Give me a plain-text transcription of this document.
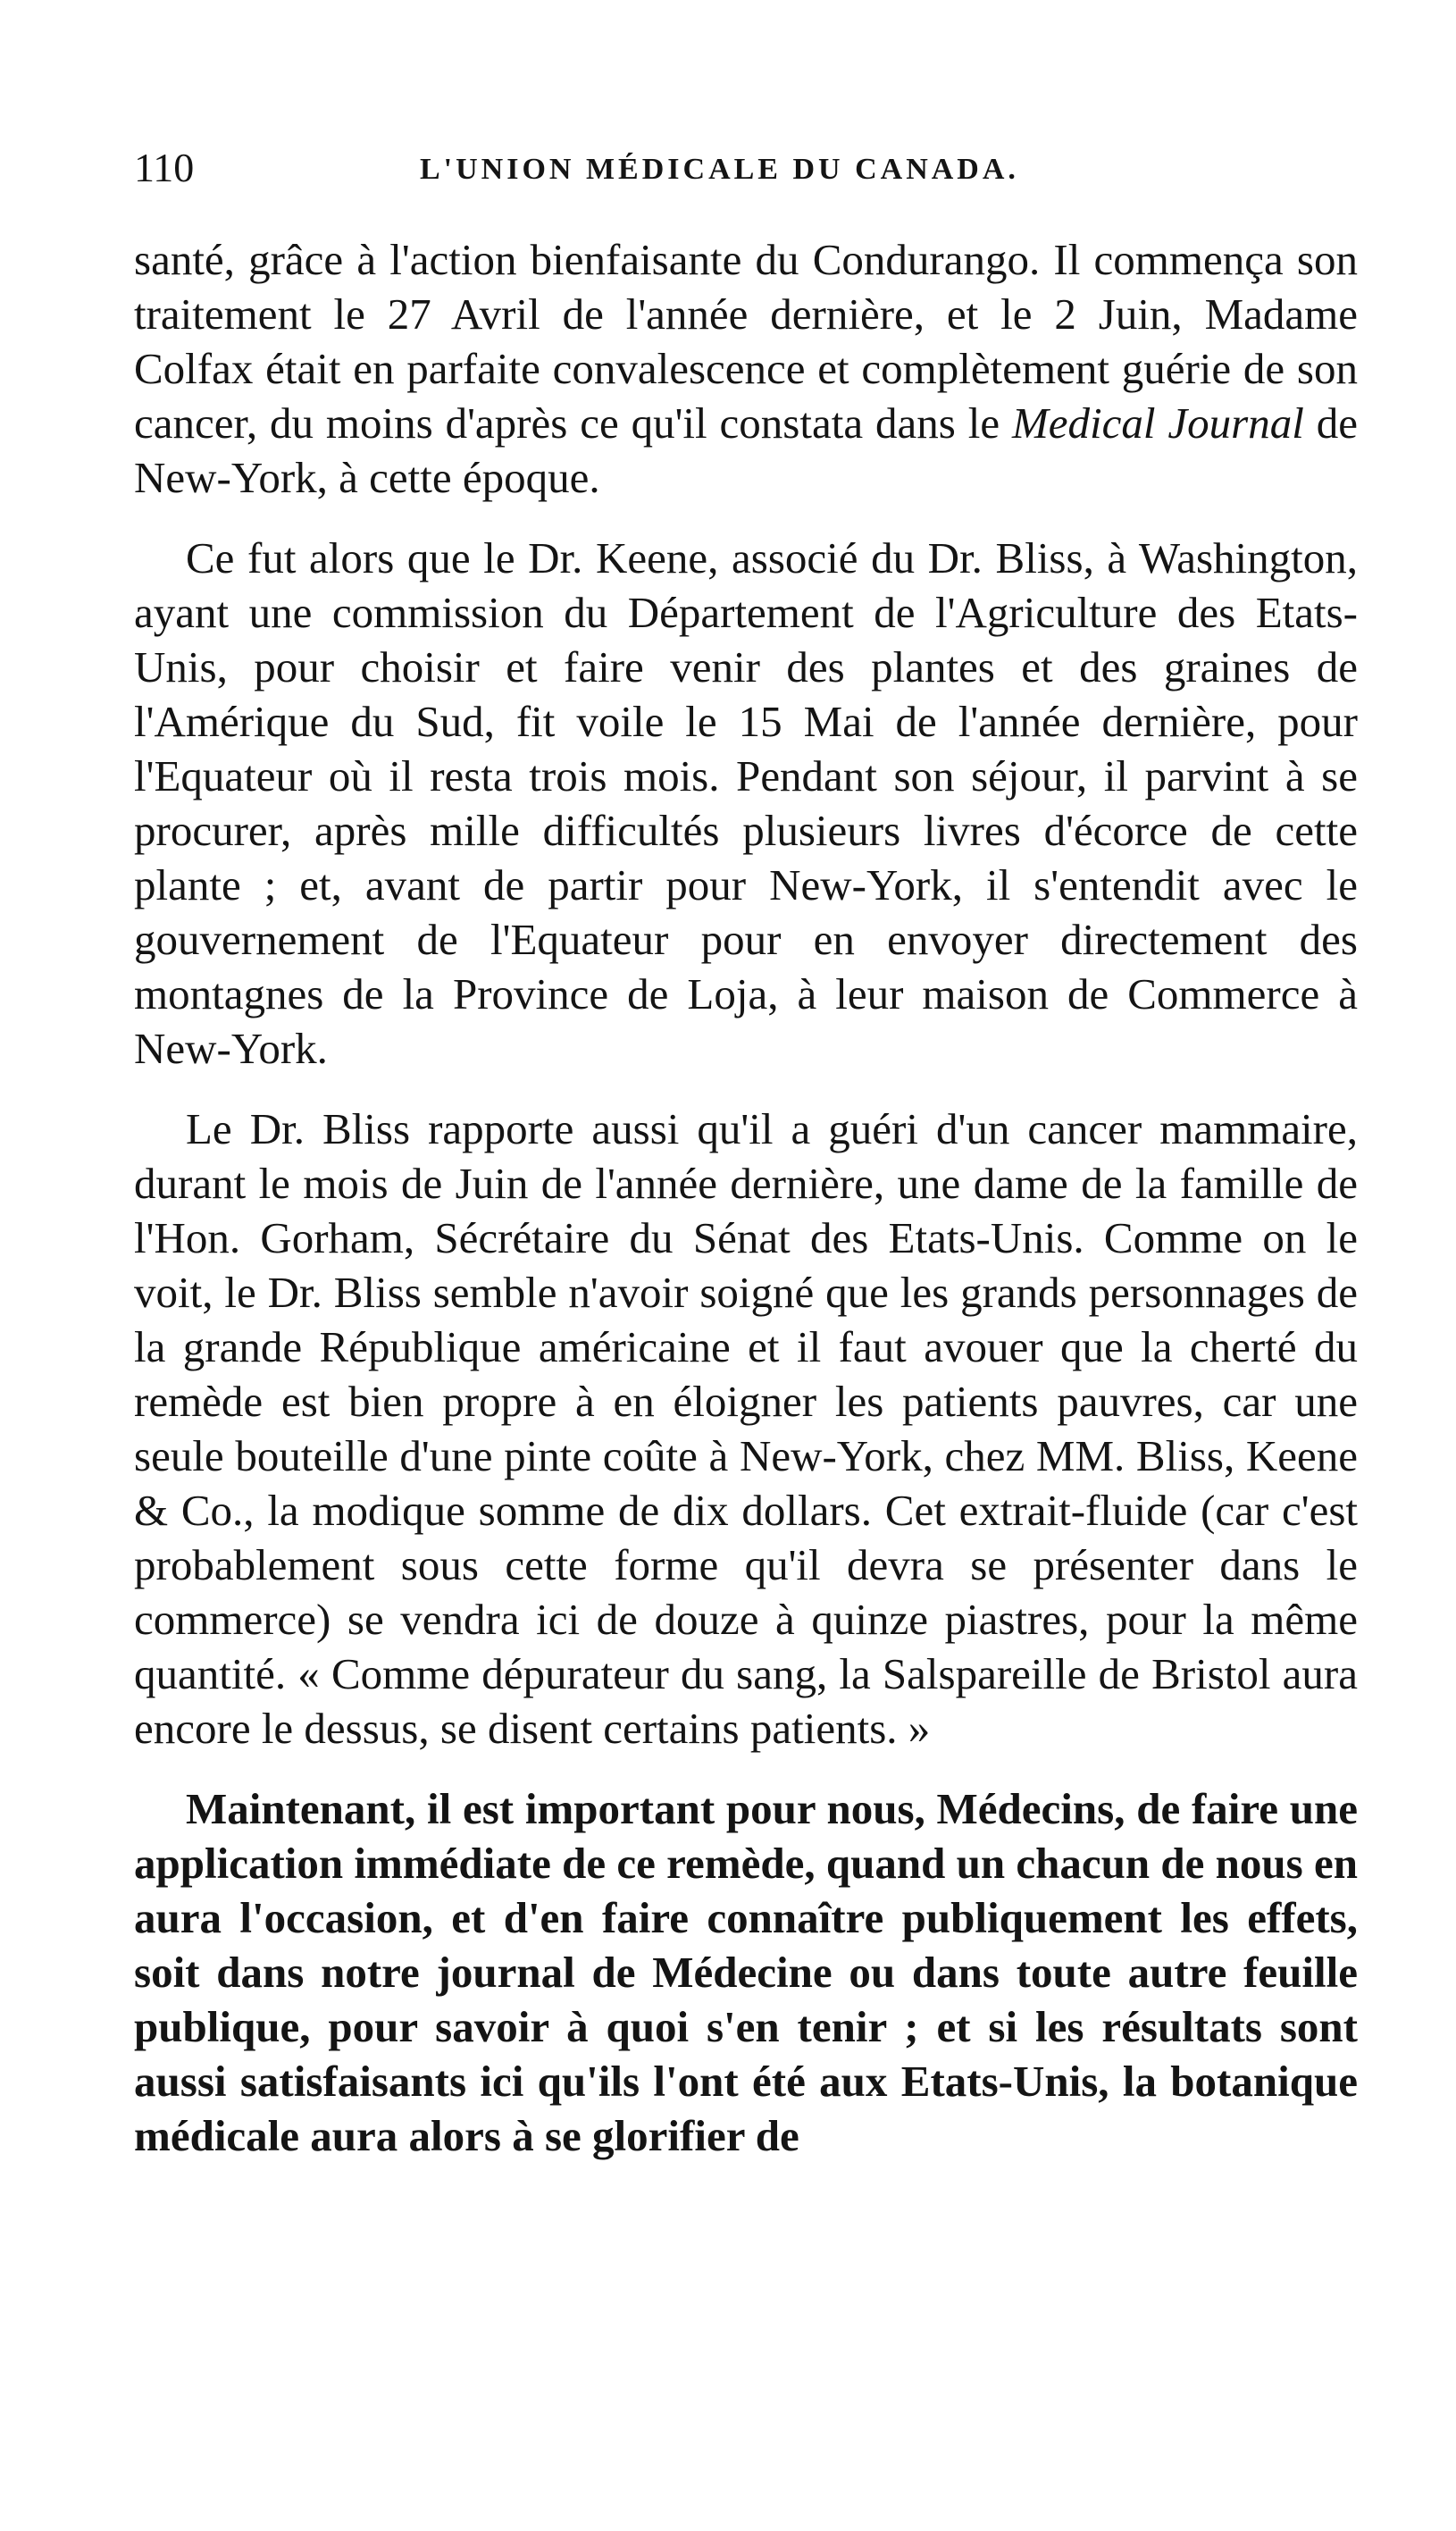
110	L'UNION MÉDICALE DU CANADA.

santé, grâce à l'action bienfaisante du Condurango. Il commença son traitement le 27 Avril de l'année dernière, et le 2 Juin, Madame Colfax était en parfaite convalescence et complètement guérie de son cancer, du moins d'après ce qu'il constata dans le Medical Journal de New-York, à cette époque.

Ce fut alors que le Dr. Keene, associé du Dr. Bliss, à Washington, ayant une commission du Département de l'Agriculture des Etats-Unis, pour choisir et faire venir des plantes et des graines de l'Amérique du Sud, fit voile le 15 Mai de l'année dernière, pour l'Equateur où il resta trois mois. Pendant son séjour, il parvint à se procurer, après mille difficultés plusieurs livres d'écorce de cette plante ; et, avant de partir pour New-York, il s'entendit avec le gouvernement de l'Equateur pour en envoyer directement des montagnes de la Province de Loja, à leur maison de Commerce à New-York.

Le Dr. Bliss rapporte aussi qu'il a guéri d'un cancer mammaire, durant le mois de Juin de l'année dernière, une dame de la famille de l'Hon. Gorham, Sécrétaire du Sénat des Etats-Unis. Comme on le voit, le Dr. Bliss semble n'avoir soigné que les grands personnages de la grande République américaine et il faut avouer que la cherté du remède est bien propre à en éloigner les patients pauvres, car une seule bouteille d'une pinte coûte à New-York, chez MM. Bliss, Keene & Co., la modique somme de dix dollars. Cet extrait-fluide (car c'est probablement sous cette forme qu'il devra se présenter dans le commerce) se vendra ici de douze à quinze piastres, pour la même quantité. « Comme dépurateur du sang, la Salspareille de Bristol aura encore le dessus, se disent certains patients. »

Maintenant, il est important pour nous, Médecins, de faire une application immédiate de ce remède, quand un chacun de nous en aura l'occasion, et d'en faire connaître publiquement les effets, soit dans notre journal de Médecine ou dans toute autre feuille publique, pour savoir à quoi s'en tenir ; et si les résultats sont aussi satisfaisants ici qu'ils l'ont été aux Etats-Unis, la botanique médicale aura alors à se glorifier de
